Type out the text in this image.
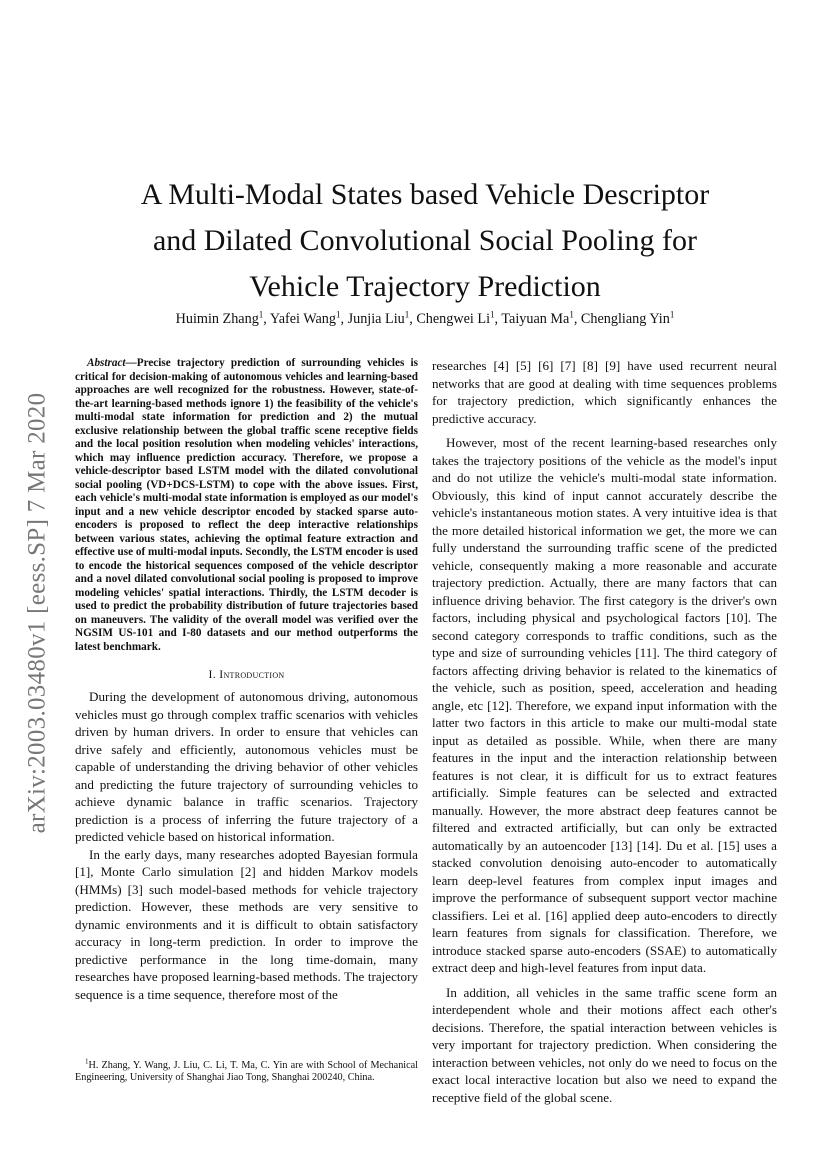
arXiv:2003.03480v1 [eess.SP] 7 Mar 2020
A Multi-Modal States based Vehicle Descriptor
and Dilated Convolutional Social Pooling for
Vehicle Trajectory Prediction
Huimin Zhang$^1$, Yafei Wang$^1$, Junjia Liu$^1$, Chengwei Li$^1$, Taiyuan Ma$^1$, Chengliang Yin$^1$

Abstract—Precise trajectory prediction of surrounding vehicles is critical for decision-making of autonomous vehicles and learning-based approaches are well recognized for the robustness. However, state-of-the-art learning-based methods ignore 1) the feasibility of the vehicle's multi-modal state information for prediction and 2) the mutual exclusive relationship between the global traffic scene receptive fields and the local position resolution when modeling vehicles' interactions, which may influence prediction accuracy. Therefore, we propose a vehicle-descriptor based LSTM model with the dilated convolutional social pooling (VD+DCS-LSTM) to cope with the above issues. First, each vehicle's multi-modal state information is employed as our model's input and a new vehicle descriptor encoded by stacked sparse auto-encoders is proposed to reflect the deep interactive relationships between various states, achieving the optimal feature extraction and effective use of multi-modal inputs. Secondly, the LSTM encoder is used to encode the historical sequences composed of the vehicle descriptor and a novel dilated convolutional social pooling is proposed to improve modeling vehicles' spatial interactions. Thirdly, the LSTM decoder is used to predict the probability distribution of future trajectories based on maneuvers. The validity of the overall model was verified over the NGSIM US-101 and I-80 datasets and our method outperforms the latest benchmark.

I. Introduction

During the development of autonomous driving, autonomous vehicles must go through complex traffic scenarios with vehicles driven by human drivers. In order to ensure that vehicles can drive safely and efficiently, autonomous vehicles must be capable of understanding the driving behavior of other vehicles and predicting the future trajectory of surrounding vehicles to achieve dynamic balance in traffic scenarios. Trajectory prediction is a process of inferring the future trajectory of a predicted vehicle based on historical information.

In the early days, many researches adopted Bayesian formula [1], Monte Carlo simulation [2] and hidden Markov models (HMMs) [3] such model-based methods for vehicle trajectory prediction. However, these methods are very sensitive to dynamic environments and it is difficult to obtain satisfactory accuracy in long-term prediction. In order to improve the predictive performance in the long time-domain, many researches have proposed learning-based methods. The trajectory sequence is a time sequence, therefore most of the

researches [4] [5] [6] [7] [8] [9] have used recurrent neural networks that are good at dealing with time sequences problems for trajectory prediction, which significantly enhances the predictive accuracy.

However, most of the recent learning-based researches only takes the trajectory positions of the vehicle as the model's input and do not utilize the vehicle's multi-modal state information. Obviously, this kind of input cannot accurately describe the vehicle's instantaneous motion states. A very intuitive idea is that the more detailed historical information we get, the more we can fully understand the surrounding traffic scene of the predicted vehicle, consequently making a more reasonable and accurate trajectory prediction. Actually, there are many factors that can influence driving behavior. The first category is the driver's own factors, including physical and psychological factors [10]. The second category corresponds to traffic conditions, such as the type and size of surrounding vehicles [11]. The third category of factors affecting driving behavior is related to the kinematics of the vehicle, such as position, speed, acceleration and heading angle, etc [12]. Therefore, we expand input information with the latter two factors in this article to make our multi-modal state input as detailed as possible. While, when there are many features in the input and the interaction relationship between features is not clear, it is difficult for us to extract features artificially. Simple features can be selected and extracted manually. However, the more abstract deep features cannot be filtered and extracted artificially, but can only be extracted automatically by an autoencoder [13] [14]. Du et al. [15] uses a stacked convolution denoising auto-encoder to automatically learn deep-level features from complex input images and improve the performance of subsequent support vector machine classifiers. Lei et al. [16] applied deep auto-encoders to directly learn features from signals for classification. Therefore, we introduce stacked sparse auto-encoders (SSAE) to automatically extract deep and high-level features from input data.

In addition, all vehicles in the same traffic scene form an interdependent whole and their motions affect each other's decisions. Therefore, the spatial interaction between vehicles is very important for trajectory prediction. When considering the interaction between vehicles, not only do we need to focus on the exact local interactive location but also we need to expand the receptive field of the global scene.

$^1$H. Zhang, Y. Wang, J. Liu, C. Li, T. Ma, C. Yin are with School of Mechanical Engineering, University of Shanghai Jiao Tong, Shanghai 200240, China.
